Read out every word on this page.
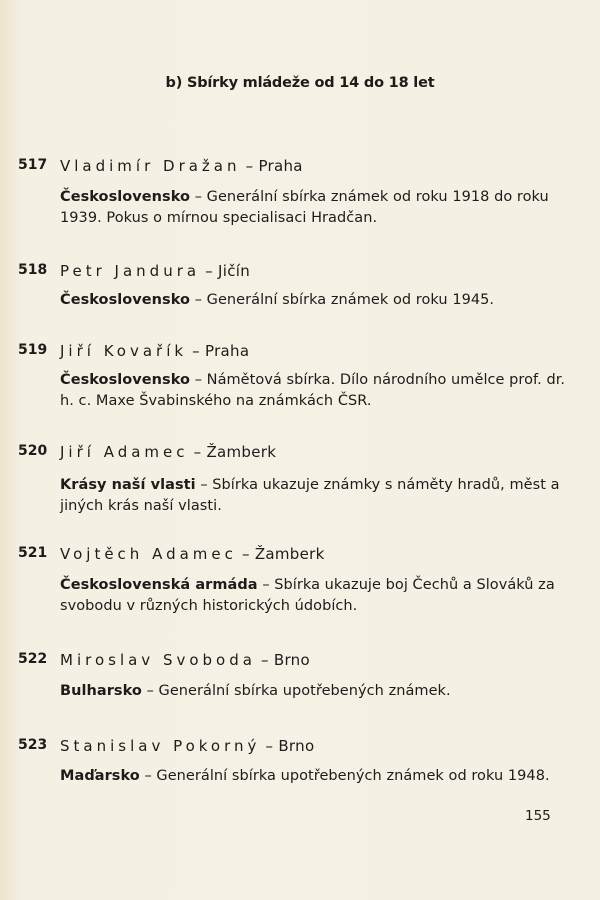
b) Sbírky mládeže od 14 do 18 let
517 Vladimír Dražan – Praha
Československo – Generální sbírka známek od roku 1918 do roku 1939. Pokus o mírnou specialisaci Hradčan.
518 Petr Jandura – Jičín
Československo – Generální sbírka známek od roku 1945.
519 Jiří Kovařík – Praha
Československo – Námětová sbírka. Dílo národního umělce prof. dr. h. c. Maxe Švabinského na známkách ČSR.
520 Jiří Adamec – Žamberk
Krásy naší vlasti – Sbírka ukazuje známky s náměty hradů, měst a jiných krás naší vlasti.
521 Vojtěch Adamec – Žamberk
Československá armáda – Sbírka ukazuje boj Čechů a Slováků za svobodu v různých historických údobích.
522 Miroslav Svoboda – Brno
Bulharsko – Generální sbírka upotřebených známek.
523 Stanislav Pokorný – Brno
Maďarsko – Generální sbírka upotřebených známek od roku 1948.
155
